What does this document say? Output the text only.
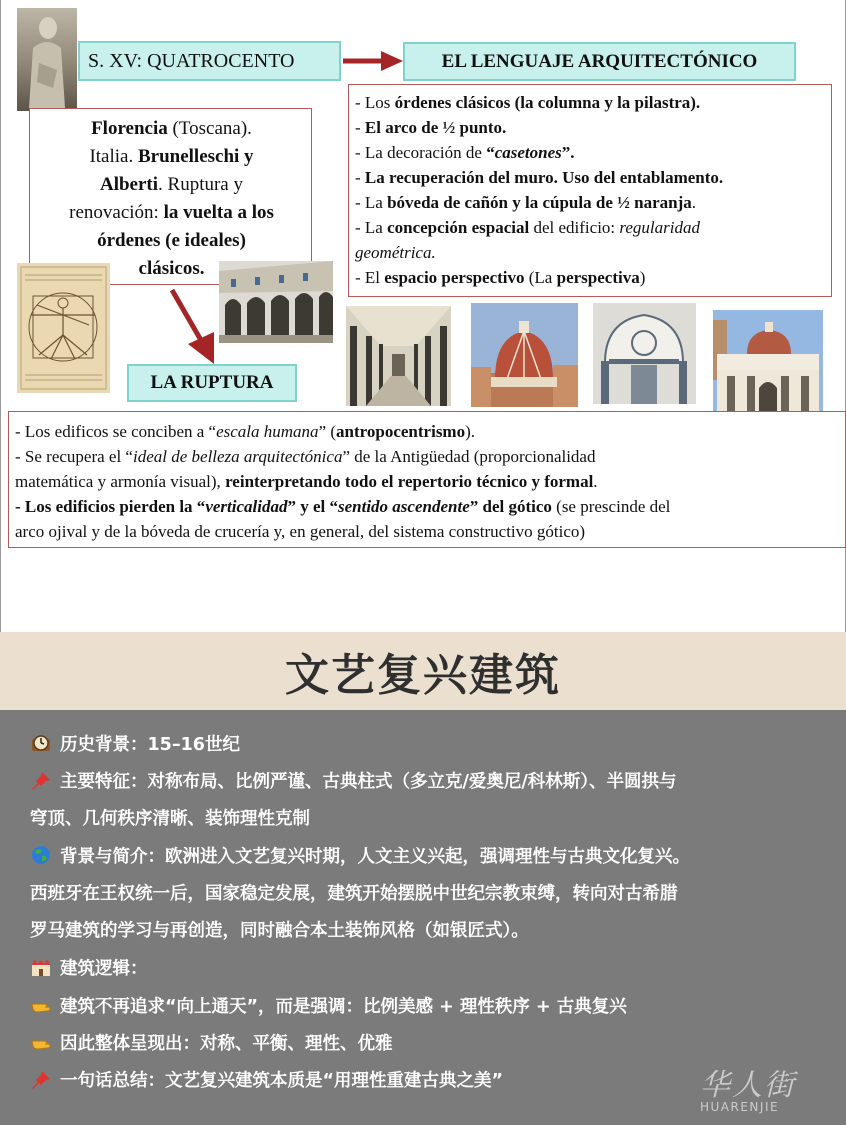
S. XV: QUATROCENTO	EL LENGUAJE ARQUITECTÓNICO
Florencia (Toscana).
Italia. Brunelleschi y
Alberti. Ruptura y
renovación: la vuelta a los
órdenes (e ideales)
clásicos.
- Los órdenes clásicos (la columna y la pilastra).
- El arco de ½ punto.
- La decoración de “casetones”.
- La recuperación del muro. Uso del entablamento.
- La bóveda de cañón y la cúpula de ½ naranja.
- La concepción espacial del edificio: regularidad
geométrica.
- El espacio perspectivo (La perspectiva)
LA RUPTURA
- Los edificos se conciben a “escala humana” (antropocentrismo).
- Se recupera el “ideal de belleza arquitectónica” de la Antigüedad (proporcionalidad
matemática y armonía visual), reinterpretando todo el repertorio técnico y formal.
- Los edificios pierden la “verticalidad” y el “sentido ascendente” del gótico (se prescinde del
arco ojival y de la bóveda de crucería y, en general, del sistema constructivo gótico)
文艺复兴建筑
历史背景：15–16世纪
主要特征：对称布局、比例严谨、古典柱式（多立克/爱奥尼/科林斯）、半圆拱与
穹顶、几何秩序清晰、装饰理性克制
背景与简介：欧洲进入文艺复兴时期，人文主义兴起，强调理性与古典文化复兴。
西班牙在王权统一后，国家稳定发展，建筑开始摆脱中世纪宗教束缚，转向对古希腊
罗马建筑的学习与再创造，同时融合本土装饰风格（如银匠式）。
建筑逻辑：
建筑不再追求“向上通天”，而是强调：比例美感 + 理性秩序 + 古典复兴
因此整体呈现出：对称、平衡、理性、优雅
一句话总结：文艺复兴建筑本质是“用理性重建古典之美”	华人街
HUARENJIE
